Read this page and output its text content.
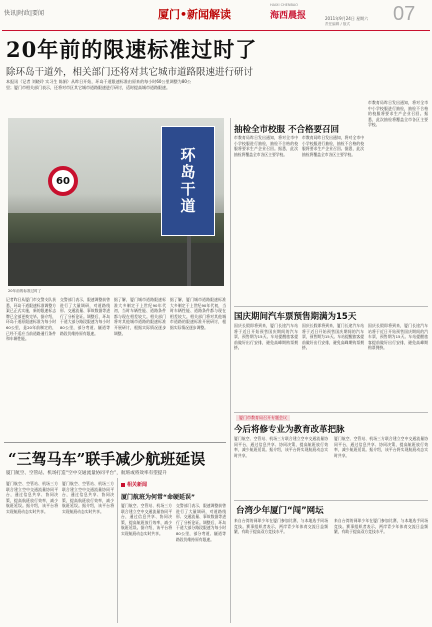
快讯|时政|要闻	厦门•新闻解读	海西晨报
HAIXI CHENBAO
2011年9月24日 星期六
责任编辑 / 版式 07
20年前的限速标准过时了
除环岛干道外，相关部门还将对其它城市道路限速进行研讨
本报讯（记者 刘晓玲 实习生 陈娟）从昨日开始，环岛干道限速标准由原来的每小时60公里调整为80公里；厦门市相关部门表示，还将对市区其它城市道路限速进行研讨，适时提高城市道路限速。
环岛干道
60
20年前的标准过时了
抽检全市校服 不合格要召回
市教育局昨日发出通知，将对全市中小学校服进行抽检，抽检不合格的校服将要求生产企业召回。据悉，此次抽检将覆盖全市各区主要学校。
市教育局昨日发出通知，将对全市中小学校服进行抽检，抽检不合格的校服将要求生产企业召回。据悉，此次抽检将覆盖全市各区主要学校。
市教育局昨日发出通知，将对全市中小学校服进行抽检，抽检不合格的校服将要求生产企业召回。据悉，此次抽检将覆盖全市各区主要学校。
国庆期间汽车票预售期满为15天
国庆长假即将到来，厦门长途汽车站将于近日开始预售国庆期间的汽车票，预售期为15天。车站提醒旅客提前做好出行安排，避免高峰期购票拥挤。
国庆长假即将到来，厦门长途汽车站将于近日开始预售国庆期间的汽车票，预售期为15天。车站提醒旅客提前做好出行安排，避免高峰期购票拥挤。
国庆长假即将到来，厦门长途汽车站将于近日开始预售国庆期间的汽车票，预售期为15天。车站提醒旅客提前做好出行安排，避免高峰期购票拥挤。
厦门市教育局召开专题会议
今后将修专业为教育改革把脉
厦门航空、空管站、机场三方联合建立空中交通流量协同平台，通过信息共享、协同决策，提高航班放行效率，减少航班延误。据介绍，该平台将实现航班动态实时共享。
厦门航空、空管站、机场三方联合建立空中交通流量协同平台，通过信息共享、协同决策，提高航班放行效率，减少航班延误。据介绍，该平台将实现航班动态实时共享。
台湾少年厦门“闯”网坛
来自台湾的网球少年在厦门参加比赛，与本地选手同场竞技。赛事组织者表示，两岸青少年体育交流日益频繁，有助于提高双方竞技水平。
来自台湾的网球少年在厦门参加比赛，与本地选手同场竞技。赛事组织者表示，两岸青少年体育交流日益频繁，有助于提高双方竞技水平。
记者昨日从厦门市交警支队获悉，环岛干道限速标准调整方案已正式实施，新的限速标志牌已全部更换完毕。据介绍，环岛干道原限速标准为每小时60公里，是20年前制定的，已经不适应当前道路通行条件和车辆性能。
交警部门表示，限速调整前曾进行了大量调研，对道路线形、交通流量、事故数据等进行了分析论证。调整后，环岛干道大部分路段限速为每小时80公里，部分弯道、隧道等路段仍维持原有限速。
据了解，厦门城市道路限速标准大多制定于上世纪90年代初，当时车辆性能、道路条件都与现在相差较大。相关部门将对其他城市道路的限速标准开展研讨，根据实际情况逐步调整。
据了解，厦门城市道路限速标准大多制定于上世纪90年代初，当时车辆性能、道路条件都与现在相差较大。相关部门将对其他城市道路的限速标准开展研讨，根据实际情况逐步调整。
“三驾马车”联手减少航班延误
厦门航空、空管站、机场打造“空中交通流量协同平台”，航班或将效率有望提升
厦门航空、空管站、机场三方联合建立空中交通流量协同平台，通过信息共享、协同决策，提高航班放行效率，减少航班延误。据介绍，该平台将实现航班动态实时共享。
厦门航空、空管站、机场三方联合建立空中交通流量协同平台，通过信息共享、协同决策，提高航班放行效率，减少航班延误。据介绍，该平台将实现航班动态实时共享。
相关新闻
厦门航班为何常“命硬延误”
厦门航空、空管站、机场三方联合建立空中交通流量协同平台，通过信息共享、协同决策，提高航班放行效率，减少航班延误。据介绍，该平台将实现航班动态实时共享。
交警部门表示，限速调整前曾进行了大量调研，对道路线形、交通流量、事故数据等进行了分析论证。调整后，环岛干道大部分路段限速为每小时80公里，部分弯道、隧道等路段仍维持原有限速。
